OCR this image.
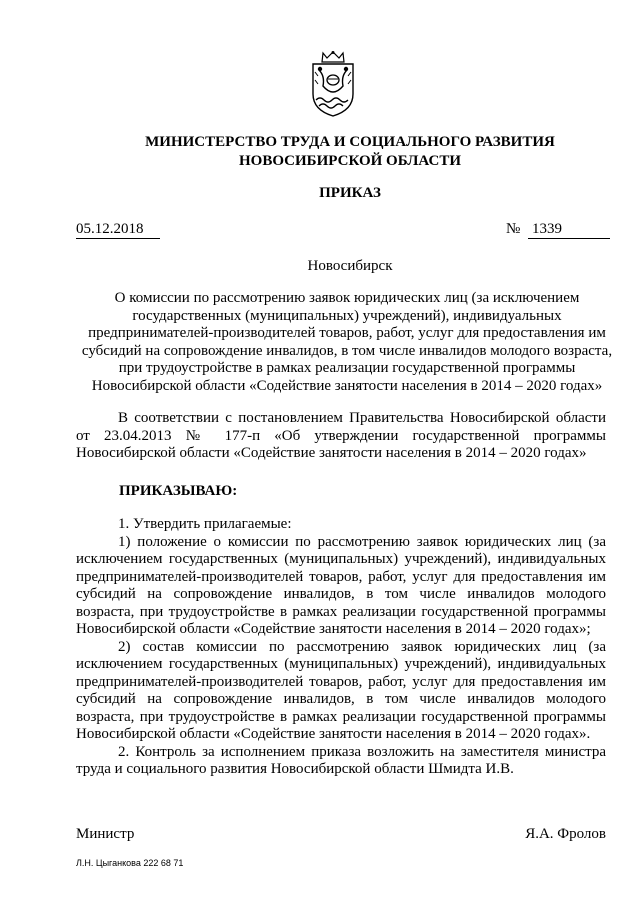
МИНИСТЕРСТВО ТРУДА И СОЦИАЛЬНОГО РАЗВИТИЯ
НОВОСИБИРСКОЙ ОБЛАСТИ
ПРИКАЗ
05.12.2018	№ 1339
Новосибирск
О комиссии по рассмотрению заявок юридических лиц (за исключением государственных (муниципальных) учреждений), индивидуальных предпринимателей-производителей товаров, работ, услуг для предоставления им субсидий на сопровождение инвалидов, в том числе инвалидов молодого возраста, при трудоустройстве в рамках реализации государственной программы Новосибирской области «Содействие занятости населения в 2014 – 2020 годах»
В соответствии с постановлением Правительства Новосибирской области от 23.04.2013 № 177-п «Об утверждении государственной программы Новосибирской области «Содействие занятости населения в 2014 – 2020 годах»
ПРИКАЗЫВАЮ:

1. Утвердить прилагаемые:

1) положение о комиссии по рассмотрению заявок юридических лиц (за исключением государственных (муниципальных) учреждений), индивидуальных предпринимателей-производителей товаров, работ, услуг для предоставления им субсидий на сопровождение инвалидов, в том числе инвалидов молодого возраста, при трудоустройстве в рамках реализации государственной программы Новосибирской области «Содействие занятости населения в 2014 – 2020 годах»;

2) состав комиссии по рассмотрению заявок юридических лиц (за исключением государственных (муниципальных) учреждений), индивидуальных предпринимателей-производителей товаров, работ, услуг для предоставления им субсидий на сопровождение инвалидов, в том числе инвалидов молодого возраста, при трудоустройстве в рамках реализации государственной программы Новосибирской области «Содействие занятости населения в 2014 – 2020 годах».

2. Контроль за исполнением приказа возложить на заместителя министра труда и социального развития Новосибирской области Шмидта И.В.

Министр	Я.А. Фролов
Л.Н. Цыганкова 222 68 71
